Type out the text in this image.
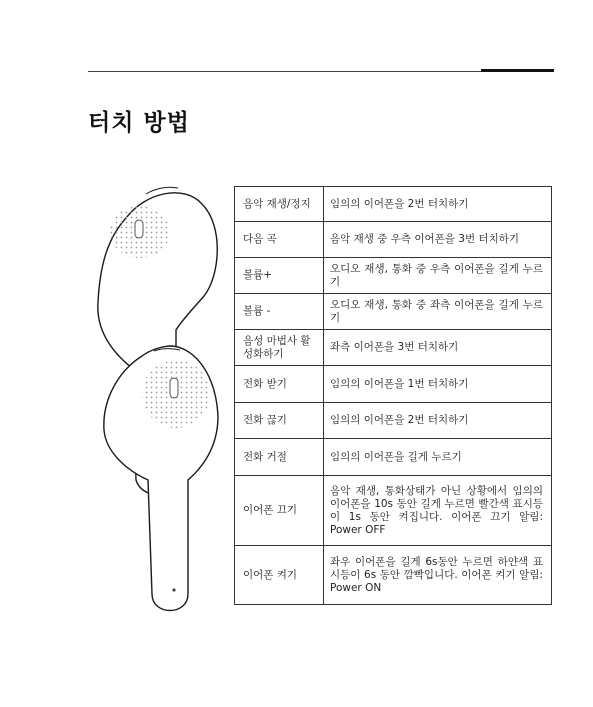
터치 방법
음악 재생/정지	임의의 이어폰을 2번 터치하기
다음 곡	음악 재생 중 우측 이어폰을 3번 터치하기
볼륨+	오디오 재생, 통화 중 우측 이어폰을 길게 누르기
볼륨 -	오디오 재생, 통화 중 좌측 이어폰을 길게 누르기
음성 마법사 활성화하기	좌측 이어폰을 3번 터치하기
전화 받기	임의의 이어폰을 1번 터치하기
전화 끊기	임의의 이어폰을 2번 터치하기
전화 거절	임의의 이어폰을 길게 누르기
이어폰 끄기	음악 재생, 통화상태가 아닌 상황에서 임의의 이어폰을 10s 동안 길게 누르면 빨간색 표시등이 1s 동안 켜집니다. 이어폰 끄기 알림: Power OFF
이어폰 켜기	좌우 이어폰을 길게 6s동안 누르면 하얀색 표시등이 6s 동안 깜빡입니다. 이어폰 켜기 알림: Power ON
